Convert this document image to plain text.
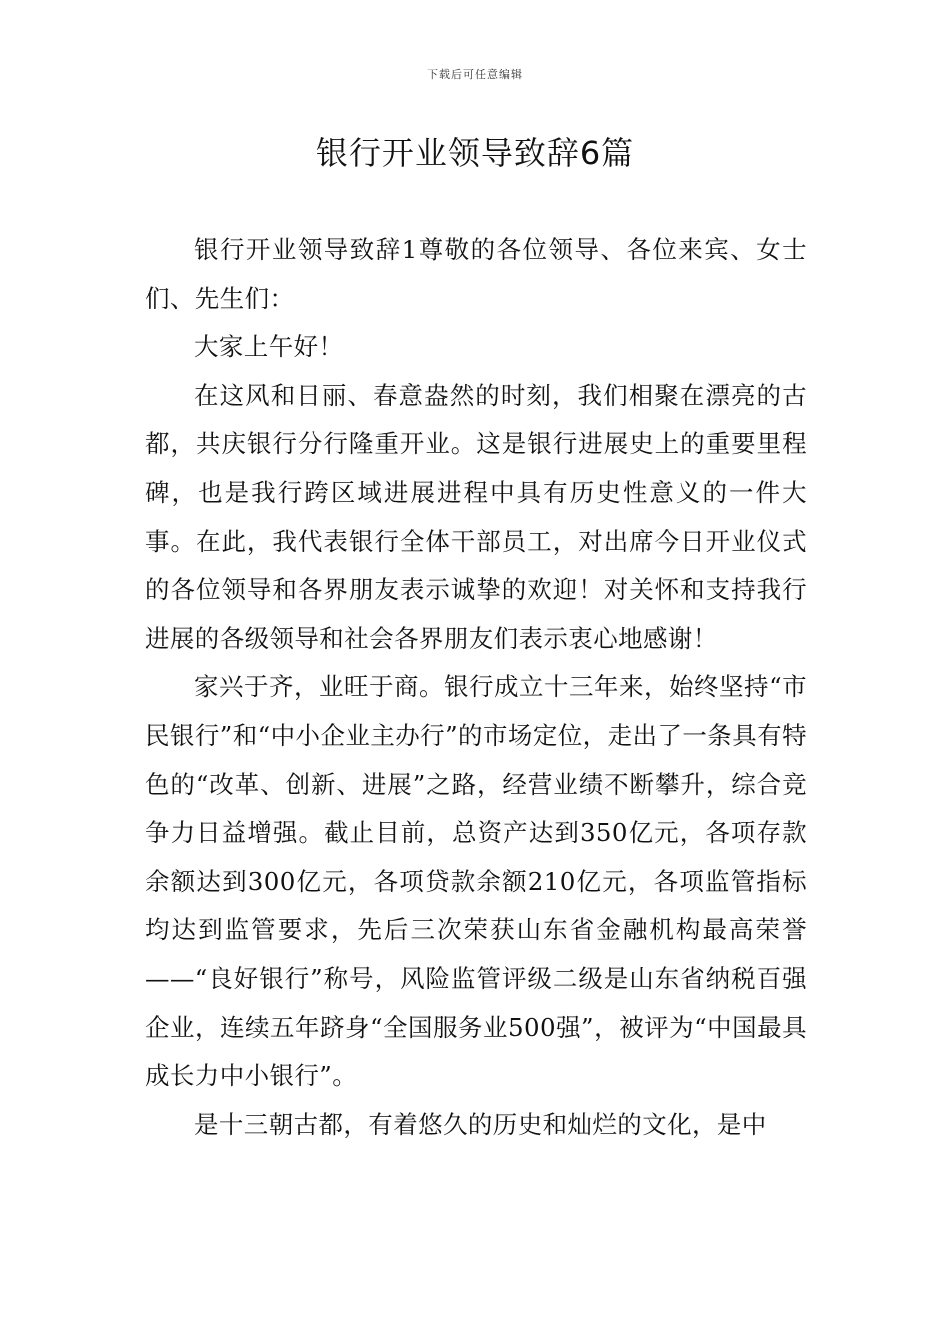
下载后可任意编辑
银行开业领导致辞6篇

银行开业领导致辞1尊敬的各位领导、各位来宾、女士们、先生们：

大家上午好！

在这风和日丽、春意盎然的时刻，我们相聚在漂亮的古都，共庆银行分行隆重开业。这是银行进展史上的重要里程碑，也是我行跨区域进展进程中具有历史性意义的一件大事。在此，我代表银行全体干部员工，对出席今日开业仪式的各位领导和各界朋友表示诚挚的欢迎！对关怀和支持我行进展的各级领导和社会各界朋友们表示衷心地感谢！

家兴于齐，业旺于商。银行成立十三年来，始终坚持“市民银行”和“中小企业主办行”的市场定位，走出了一条具有特色的“改革、创新、进展”之路，经营业绩不断攀升，综合竞争力日益增强。截止目前，总资产达到350亿元，各项存款余额达到300亿元，各项贷款余额210亿元，各项监管指标均达到监管要求，先后三次荣获山东省金融机构最高荣誉——“良好银行”称号，风险监管评级二级是山东省纳税百强企业，连续五年跻身“全国服务业500强”，被评为“中国最具成长力中小银行”。

是十三朝古都，有着悠久的历史和灿烂的文化，是中
